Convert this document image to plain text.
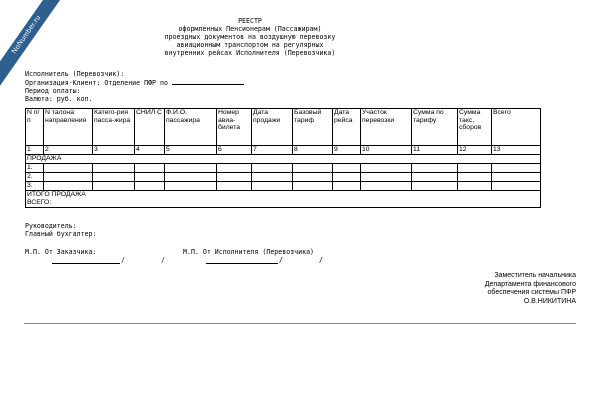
NoNumber.ru	РЕЕСТР
оформленных Пенсионерам (Пассажирам)
проездных документов на воздушную перевозку
авиационным транспортом на регулярных
внутренних рейсах Исполнителя (Перевозчика)
Исполнитель (Перевозчик):
Организация-Клиент: Отделение ПФР по
Период оплаты:
Валюта: руб. коп.
N п/п	N талона направления	Катего-рия пасса-жира	СНИЛ С	Ф.И.О. пассажира	Номер авиа-билета	Дата продажи	Базовый тариф	Дата рейса	Участок перевозки	Сумма по тарифу	Сумма такс, сборов	Всего
1	2	3	4	5	6	7	8	9	10	11	12	13
ПРОДАЖА												
1.												
2.												
3.												

ИТОГО ПРОДАЖА
ВСЕГО:												
Руководитель:
Главный бухгалтер:
М.П. От Заказчика:	М.П. От Исполнителя (Перевозчика)
/	/	/	/
Заместитель начальника
Департамента финансового
обеспечения системы ПФР
О.В.НИКИТИНА
